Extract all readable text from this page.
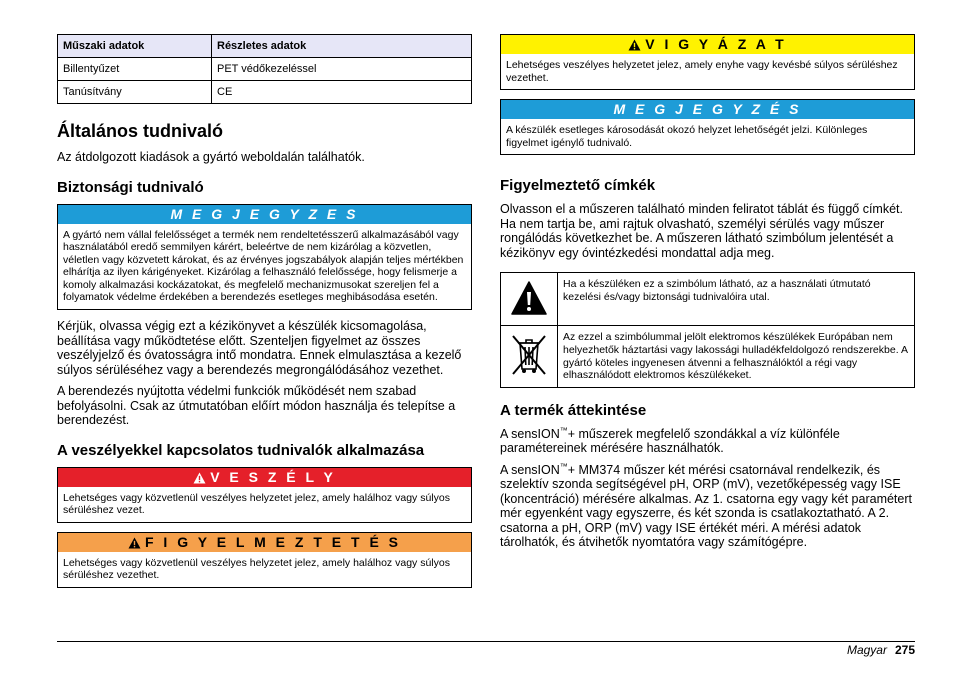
Műszaki adatok	Részletes adatok
Billentyűzet	PET védőkezeléssel
Tanúsítvány	CE
Általános tudnivaló

Az átdolgozott kiadások a gyártó weboldalán találhatók.

Biztonsági tudnivaló
M E G J E G Y Z E S
A gyártó nem vállal felelősséget a termék nem rendeltetésszerű alkalmazásából vagy használatából eredő semmilyen kárért, beleértve de nem kizárólag a közvetlen, véletlen vagy közvetett károkat, és az érvényes jogszabályok alapján teljes mértékben elhárítja az ilyen kárigényeket. Kizárólag a felhasználó felelőssége, hogy felismerje a komoly alkalmazási kockázatokat, és megfelelő mechanizmusokat szereljen fel a folyamatok védelme érdekében a berendezés esetleges meghibásodása esetén.

Kérjük, olvassa végig ezt a kézikönyvet a készülék kicsomagolása, beállítása vagy működtetése előtt. Szenteljen figyelmet az összes veszélyjelző és óvatosságra intő mondatra. Ennek elmulasztása a kezelő súlyos sérüléséhez vagy a berendezés megrongálódásához vezethet.

A berendezés nyújtotta védelmi funkciók működését nem szabad befolyásolni. Csak az útmutatóban előírt módon használja és telepítse a berendezést.

A veszélyekkel kapcsolatos tudnivalók alkalmazása
V E S Z É L Y
Lehetséges vagy közvetlenül veszélyes helyzetet jelez, amely halálhoz vagy súlyos sérüléshez vezet.
F I G Y E L M E Z T E T É S
Lehetséges vagy közvetlenül veszélyes helyzetet jelez, amely halálhoz vagy súlyos sérüléshez vezethet.
V I G Y Á Z A T
Lehetséges veszélyes helyzetet jelez, amely enyhe vagy kevésbé súlyos sérüléshez vezethet.
M E G J E G Y Z É S
A készülék esetleges károsodását okozó helyzet lehetőségét jelzi. Különleges figyelmet igénylő tudnivaló.
Figyelmeztető címkék

Olvasson el a műszeren található minden feliratot táblát és függő címkét. Ha nem tartja be, ami rajtuk olvasható, személyi sérülés vagy műszer rongálódás következhet be. A műszeren látható szimbólum jelentését a kézikönyv egy óvintézkedési mondattal adja meg.

	Ha a készüléken ez a szimbólum látható, az a használati útmutató kezelési és/vagy biztonsági tudnivalóira utal.
	Az ezzel a szimbólummal jelölt elektromos készülékek Európában nem helyezhetők háztartási vagy lakossági hulladékfeldolgozó rendszerekbe. A gyártó köteles ingyenesen átvenni a felhasználóktól a régi vagy elhasználódott elektromos készülékeket.
A termék áttekintése

A sensION™+ műszerek megfelelő szondákkal a víz különféle paramétereinek mérésére használhatók.

A sensION™+ MM374 műszer két mérési csatornával rendelkezik, és szelektív szonda segítségével pH, ORP (mV), vezetőképesség vagy ISE (koncentráció) mérésére alkalmas. Az 1. csatorna egy vagy két paramétert mér egyenként vagy egyszerre, és két szonda is csatlakoztatható. A 2. csatorna a pH, ORP (mV) vagy ISE értékét méri. A mérési adatok tárolhatók, és átvihetők nyomtatóra vagy számítógépre.

Magyar 275
